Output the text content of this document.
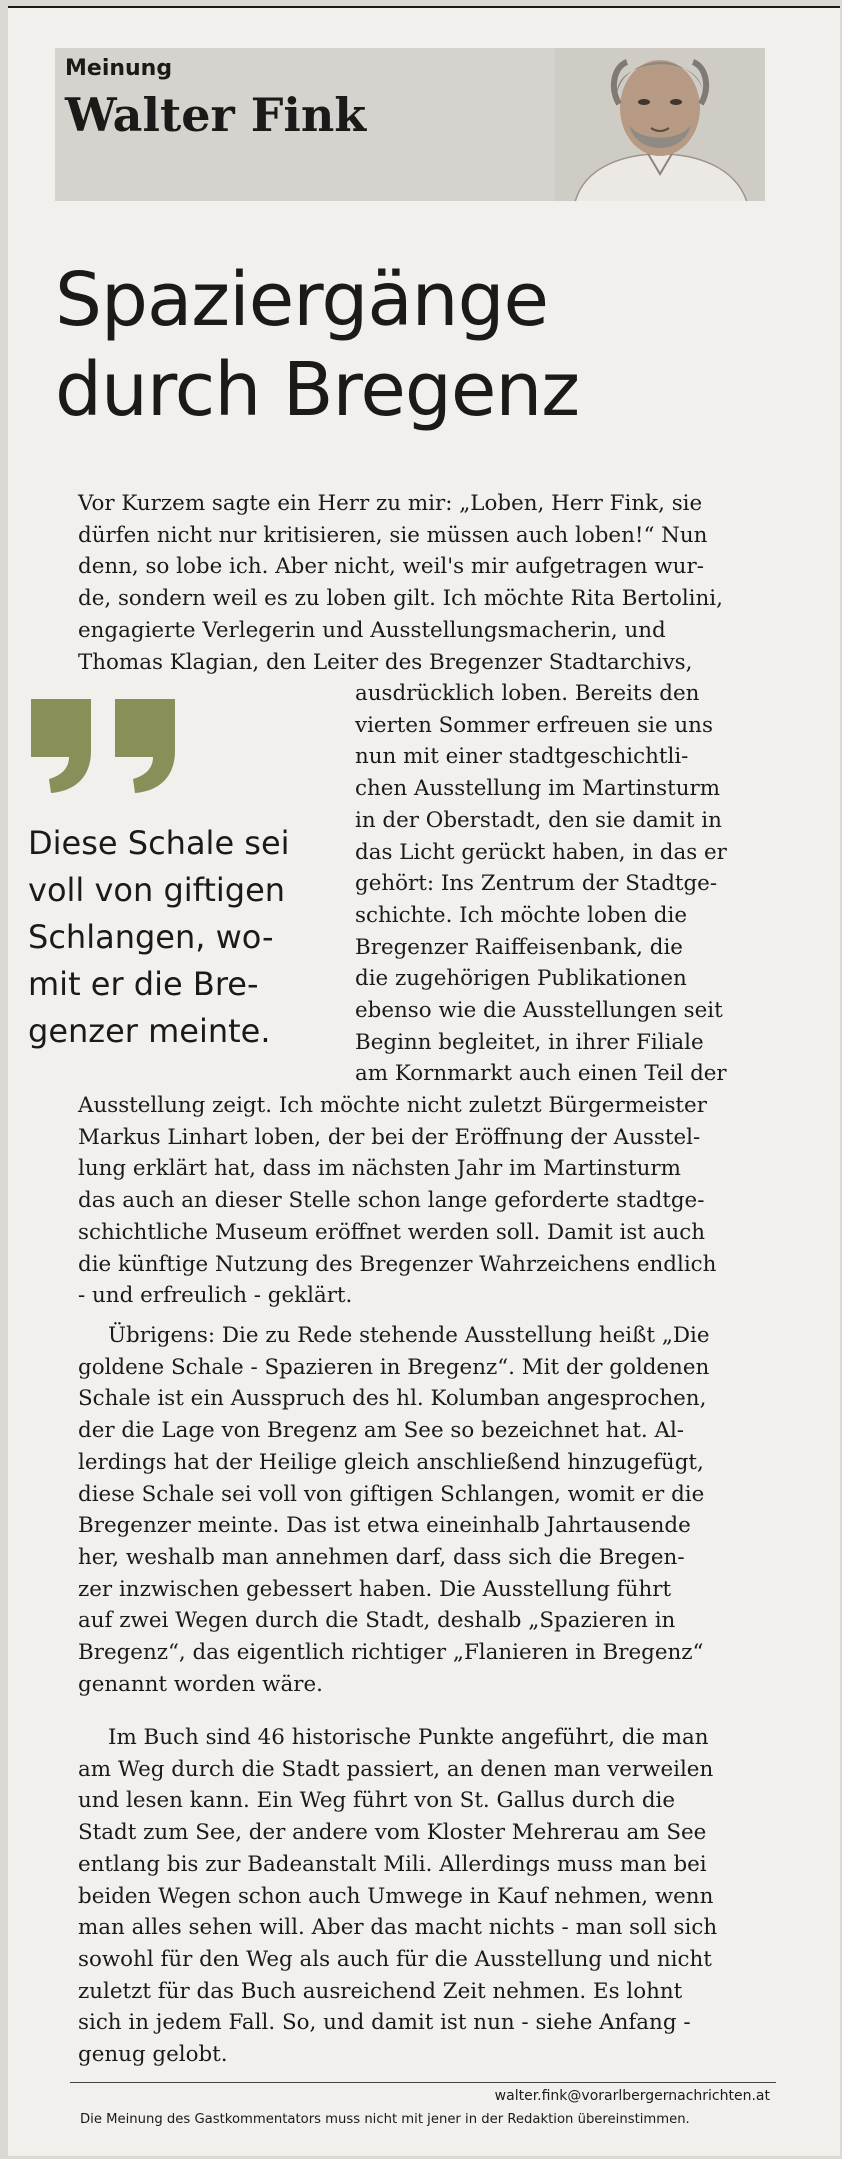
Meinung
Walter Fink
Spaziergänge
durch Bregenz
Vor Kurzem sagte ein Herr zu mir: „Loben, Herr Fink, sie
dürfen nicht nur kritisieren, sie müssen auch loben!“ Nun
denn, so lobe ich. Aber nicht, weil's mir aufgetragen wur-
de, sondern weil es zu loben gilt. Ich möchte Rita Bertolini,
engagierte Verlegerin und Ausstellungsmacherin, und
Thomas Klagian, den Leiter des Bregenzer Stadtarchivs,
Diese Schale sei
voll von giftigen
Schlangen, wo-
mit er die Bre-
genzer meinte.
ausdrücklich loben. Bereits den
vierten Sommer erfreuen sie uns
nun mit einer stadtgeschichtli-
chen Ausstellung im Martinsturm
in der Oberstadt, den sie damit in
das Licht gerückt haben, in das er
gehört: Ins Zentrum der Stadtge-
schichte. Ich möchte loben die
Bregenzer Raiffeisenbank, die
die zugehörigen Publikationen
ebenso wie die Ausstellungen seit
Beginn begleitet, in ihrer Filiale
am Kornmarkt auch einen Teil der
Ausstellung zeigt. Ich möchte nicht zuletzt Bürgermeister
Markus Linhart loben, der bei der Eröffnung der Ausstel-
lung erklärt hat, dass im nächsten Jahr im Martinsturm
das auch an dieser Stelle schon lange geforderte stadtge-
schichtliche Museum eröffnet werden soll. Damit ist auch
die künftige Nutzung des Bregenzer Wahrzeichens endlich
- und erfreulich - geklärt.
Übrigens: Die zu Rede stehende Ausstellung heißt „Die
goldene Schale - Spazieren in Bregenz“. Mit der goldenen
Schale ist ein Ausspruch des hl. Kolumban angesprochen,
der die Lage von Bregenz am See so bezeichnet hat. Al-
lerdings hat der Heilige gleich anschließend hinzugefügt,
diese Schale sei voll von giftigen Schlangen, womit er die
Bregenzer meinte. Das ist etwa eineinhalb Jahrtausende
her, weshalb man annehmen darf, dass sich die Bregen-
zer inzwischen gebessert haben. Die Ausstellung führt
auf zwei Wegen durch die Stadt, deshalb „Spazieren in
Bregenz“, das eigentlich richtiger „Flanieren in Bregenz“
genannt worden wäre.
Im Buch sind 46 historische Punkte angeführt, die man
am Weg durch die Stadt passiert, an denen man verweilen
und lesen kann. Ein Weg führt von St. Gallus durch die
Stadt zum See, der andere vom Kloster Mehrerau am See
entlang bis zur Badeanstalt Mili. Allerdings muss man bei
beiden Wegen schon auch Umwege in Kauf nehmen, wenn
man alles sehen will. Aber das macht nichts - man soll sich
sowohl für den Weg als auch für die Ausstellung und nicht
zuletzt für das Buch ausreichend Zeit nehmen. Es lohnt
sich in jedem Fall. So, und damit ist nun - siehe Anfang -
genug gelobt.
walter.fink@vorarlbergernachrichten.at
Die Meinung des Gastkommentators muss nicht mit jener in der Redaktion übereinstimmen.
